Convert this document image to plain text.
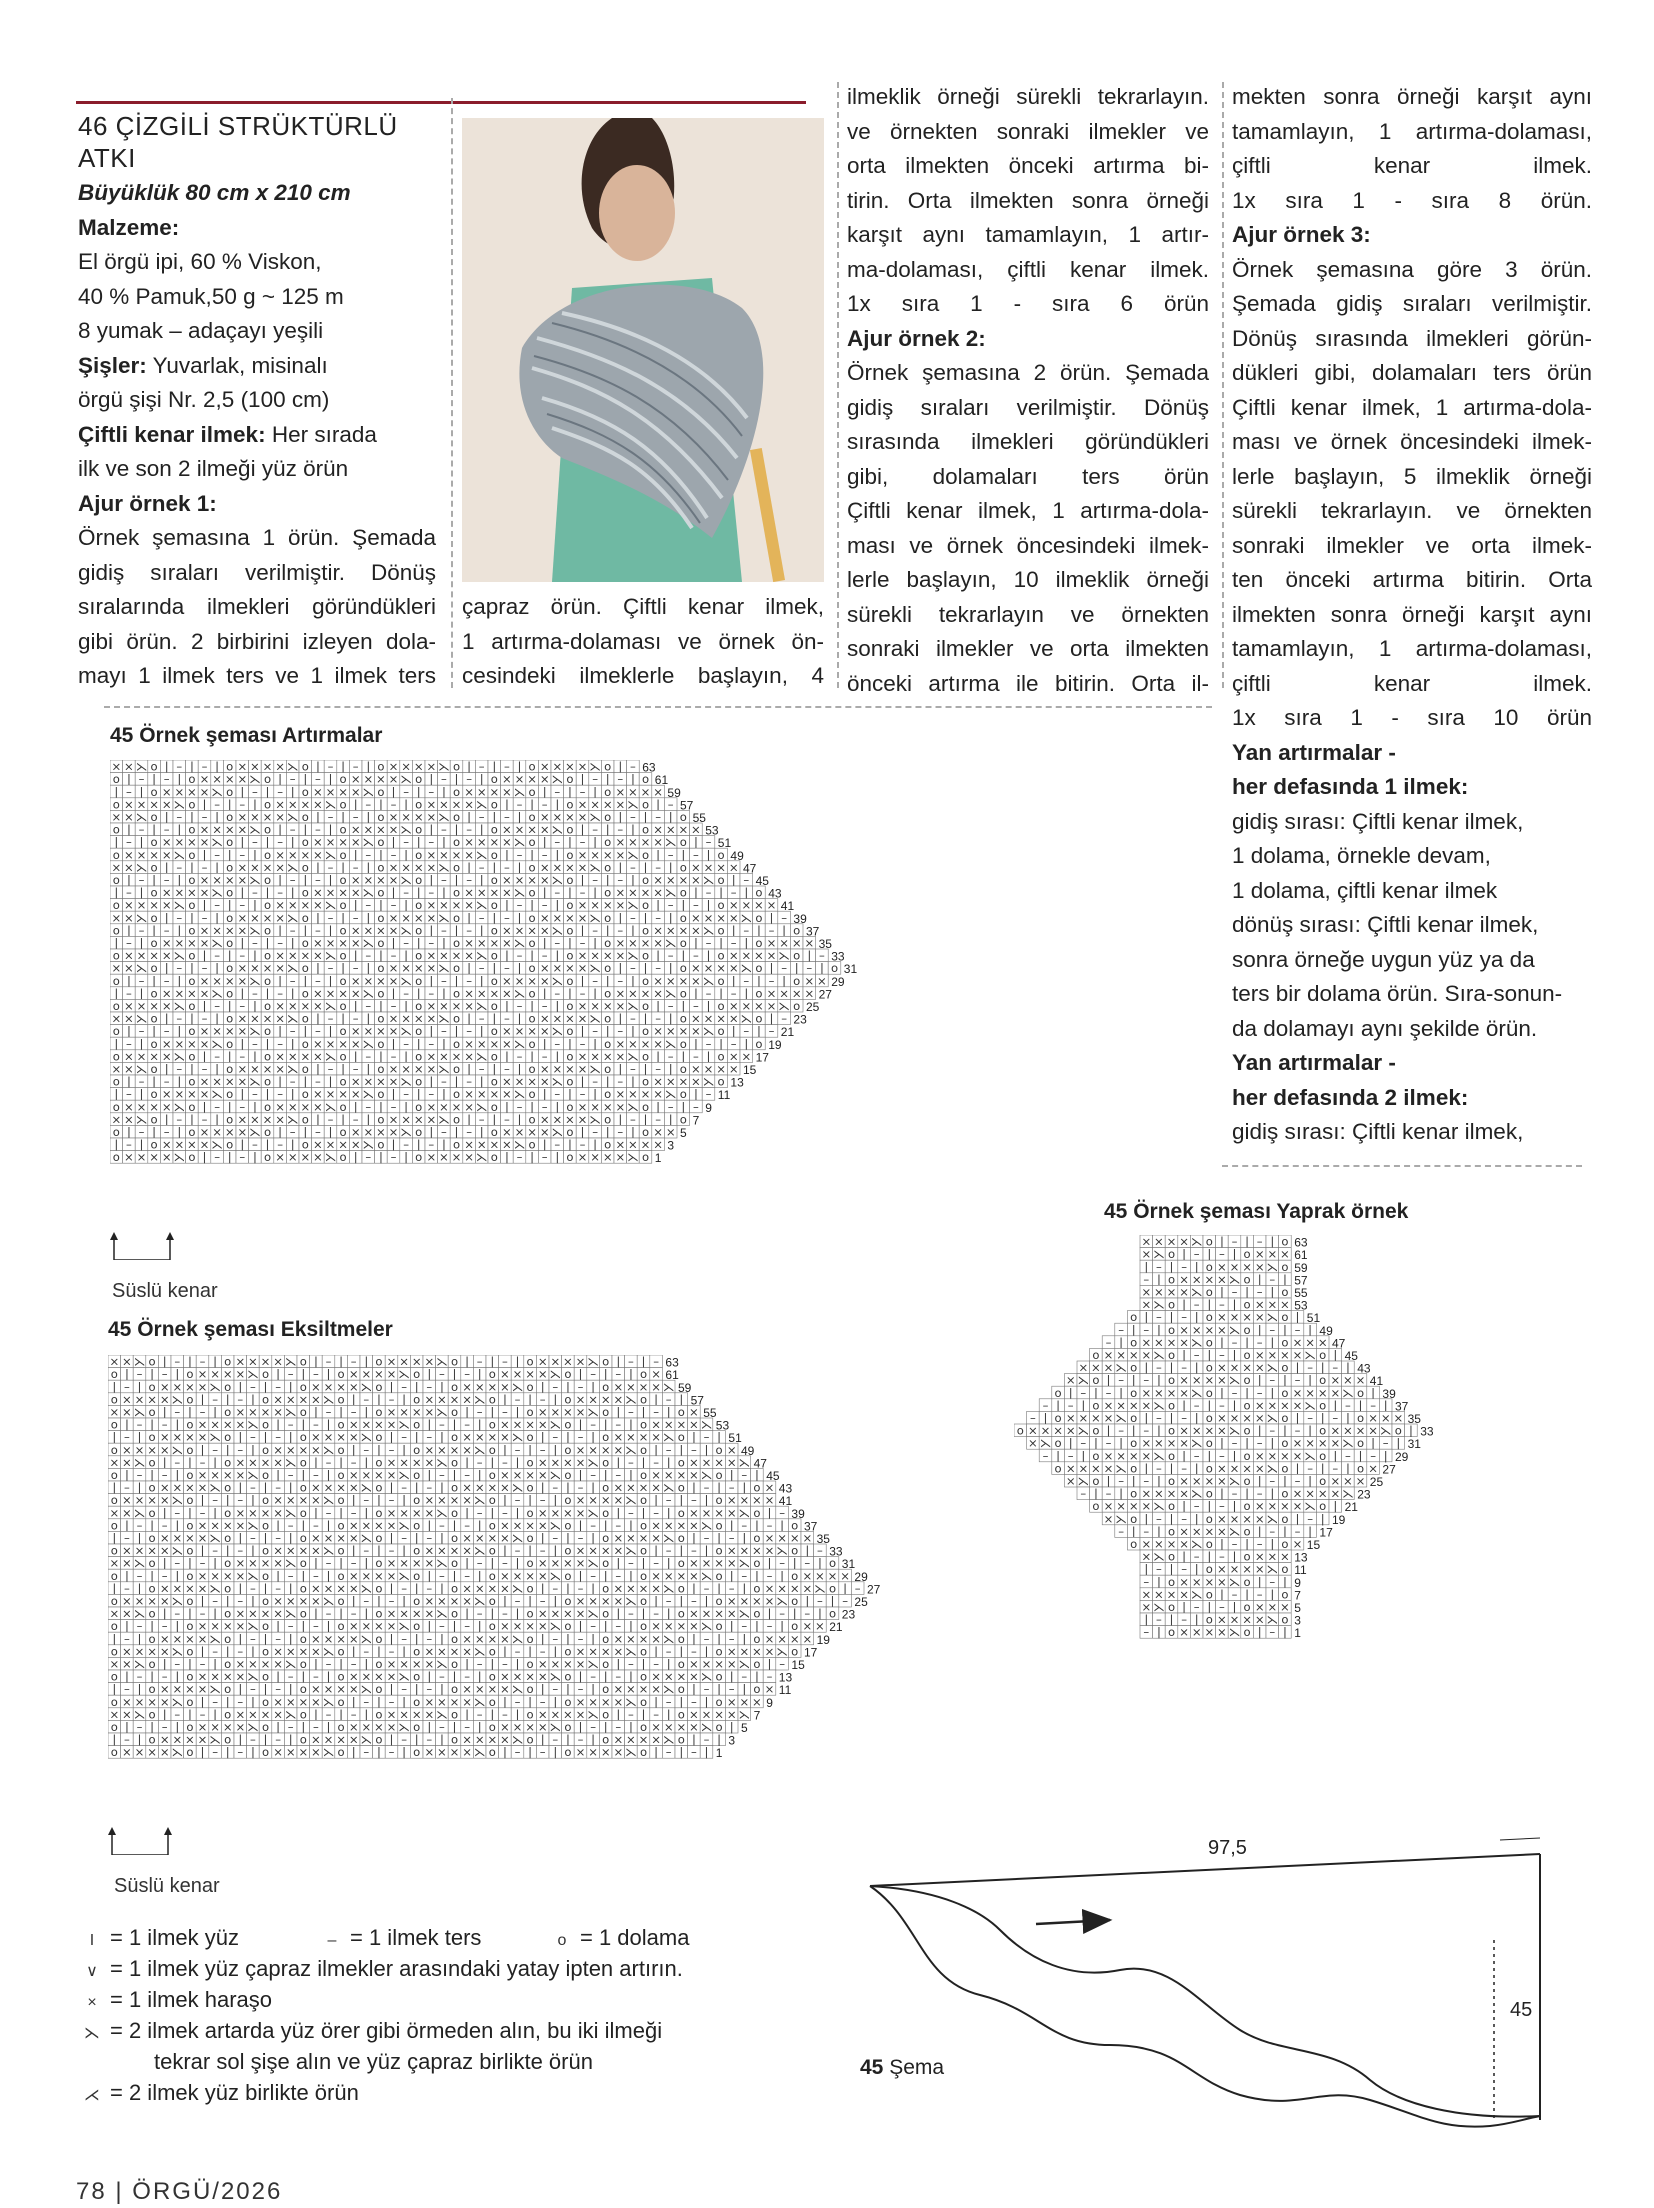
46 ÇİZGİLİ STRÜKTÜRLÜ
ATKI

Büyüklük 80 cm x 210 cm

Malzeme:

El örgü ipi, 60 % Viskon,

40 % Pamuk,50 g ~ 125 m

8 yumak – adaçayı yeşili

Şişler: Yuvarlak, misinalı

örgü şişi Nr. 2,5 (100 cm)

Çiftli kenar ilmek: Her sırada

ilk ve son 2 ilmeği yüz örün

Ajur örnek 1:

Örnek şemasına 1 örün. Şemada

gidiş sıraları verilmiştir. Dönüş

sıralarında ilmekleri göründükleri

gibi örün. 2 birbirini izleyen dola-

mayı 1 ilmek ters ve 1 ilmek ters

çapraz örün. Çiftli kenar ilmek,

1 artırma-dolaması ve örnek ön-

cesindeki ilmeklerle başlayın, 4

ilmeklik örneği sürekli tekrarlayın.

ve örnekten sonraki ilmekler ve

orta ilmekten önceki artırma bi-

tirin. Orta ilmekten sonra örneği

karşıt aynı tamamlayın, 1 artır-

ma-dolaması, çiftli kenar ilmek.

1x sıra 1 - sıra 6 örün

Ajur örnek 2:

Örnek şemasına 2 örün. Şemada

gidiş sıraları verilmiştir. Dönüş

sırasında ilmekleri göründükleri

gibi, dolamaları ters örün

Çiftli kenar ilmek, 1 artırma-dola-

ması ve örnek öncesindeki ilmek-

lerle başlayın, 10 ilmeklik örneği

sürekli tekrarlayın ve örnekten

sonraki ilmekler ve orta ilmekten

önceki artırma ile bitirin. Orta il-

mekten sonra örneği karşıt aynı

tamamlayın, 1 artırma-dolaması,

çiftli kenar ilmek.

1x sıra 1 - sıra 8 örün.

Ajur örnek 3:

Örnek şemasına göre 3 örün.

Şemada gidiş sıraları verilmiştir.

Dönüş sırasında ilmekleri görün-

dükleri gibi, dolamaları ters örün

Çiftli kenar ilmek, 1 artırma-dola-

ması ve örnek öncesindeki ilmek-

lerle başlayın, 5 ilmeklik örneği

sürekli tekrarlayın. ve örnekten

sonraki ilmekler ve orta ilmek-

ten önceki artırma bitirin. Orta

ilmekten sonra örneği karşıt aynı

tamamlayın, 1 artırma-dolaması,

çiftli kenar ilmek.

1x sıra 1 - sıra 10 örün

Yan artırmalar -

her defasında 1 ilmek:

gidiş sırası: Çiftli kenar ilmek,

1 dolama, örnekle devam,

1 dolama, çiftli kenar ilmek

dönüş sırası: Çiftli kenar ilmek,

sonra örneğe uygun yüz ya da

ters bir dolama örün. Sıra-sonun-

da dolamayı aynı şekilde örün.

Yan artırmalar -

her defasında 2 ilmek:

gidiş sırası: Çiftli kenar ilmek,

45 Örnek şeması Artırmalar
45 Örnek şeması Eksiltmeler
45 Örnek şeması Yaprak örnek
× × ⋋ o | – | – | o × × × × ⋋ o | – | – | o × × × × ⋋ o | – | – | o × × × × ⋋ o | – 63
o | – | – | o × × × × ⋋ o | – | – | o × × × × ⋋ o | – | – | o × × × × ⋋ o | – | – | o 61
| – | o × × × × ⋋ o | – | – | o × × × × ⋋ o | – | – | o × × × × ⋋ o | – | – | o × × × × 59
o × × × × ⋋ o | – | – | o × × × × ⋋ o | – | – | o × × × × ⋋ o | – | – | o × × × × ⋋ o | – 57
× × ⋋ o | – | – | o × × × × ⋋ o | – | – | o × × × × ⋋ o | – | – | o × × × × ⋋ o | – | – | o 55
o | – | – | o × × × × ⋋ o | – | – | o × × × × ⋋ o | – | – | o × × × × ⋋ o | – | – | o × × × × 53
| – | o × × × × ⋋ o | – | – | o × × × × ⋋ o | – | – | o × × × × ⋋ o | – | – | o × × × × ⋋ o | – 51
o × × × × ⋋ o | – | – | o × × × × ⋋ o | – | – | o × × × × ⋋ o | – | – | o × × × × ⋋ o | – | – | o 49
× × ⋋ o | – | – | o × × × × ⋋ o | – | – | o × × × × ⋋ o | – | – | o × × × × ⋋ o | – | – | o × × × × 47
o | – | – | o × × × × ⋋ o | – | – | o × × × × ⋋ o | – | – | o × × × × ⋋ o | – | – | o × × × × ⋋ o | – 45
| – | o × × × × ⋋ o | – | – | o × × × × ⋋ o | – | – | o × × × × ⋋ o | – | – | o × × × × ⋋ o | – | – | o 43
o × × × × ⋋ o | – | – | o × × × × ⋋ o | – | – | o × × × × ⋋ o | – | – | o × × × × ⋋ o | – | – | o × × × × 41
× × ⋋ o | – | – | o × × × × ⋋ o | – | – | o × × × × ⋋ o | – | – | o × × × × ⋋ o | – | – | o × × × × ⋋ o | – 39
o | – | – | o × × × × ⋋ o | – | – | o × × × × ⋋ o | – | – | o × × × × ⋋ o | – | – | o × × × × ⋋ o | – | – | o 37
| – | o × × × × ⋋ o | – | – | o × × × × ⋋ o | – | – | o × × × × ⋋ o | – | – | o × × × × ⋋ o | – | – | o × × × × 35
o × × × × ⋋ o | – | – | o × × × × ⋋ o | – | – | o × × × × ⋋ o | – | – | o × × × × ⋋ o | – | – | o × × × × ⋋ o | – 33
× × ⋋ o | – | – | o × × × × ⋋ o | – | – | o × × × × ⋋ o | – | – | o × × × × ⋋ o | – | – | o × × × × ⋋ o | – | – | o 31
o | – | – | o × × × × ⋋ o | – | – | o × × × × ⋋ o | – | – | o × × × × ⋋ o | – | – | o × × × × ⋋ o | – | – | o × × 29
| – | o × × × × ⋋ o | – | – | o × × × × ⋋ o | – | – | o × × × × ⋋ o | – | – | o × × × × ⋋ o | – | – | o × × × × 27
o × × × × ⋋ o | – | – | o × × × × ⋋ o | – | – | o × × × × ⋋ o | – | – | o × × × × ⋋ o | – | – | o × × × × ⋋ o 25
× × ⋋ o | – | – | o × × × × ⋋ o | – | – | o × × × × ⋋ o | – | – | o × × × × ⋋ o | – | – | o × × × × ⋋ o | – 23
o | – | – | o × × × × ⋋ o | – | – | o × × × × ⋋ o | – | – | o × × × × ⋋ o | – | – | o × × × × ⋋ o | – | – 21
| – | o × × × × ⋋ o | – | – | o × × × × ⋋ o | – | – | o × × × × ⋋ o | – | – | o × × × × ⋋ o | – | – | o 19
o × × × × ⋋ o | – | – | o × × × × ⋋ o | – | – | o × × × × ⋋ o | – | – | o × × × × ⋋ o | – | – | o × × 17
× × ⋋ o | – | – | o × × × × ⋋ o | – | – | o × × × × ⋋ o | – | – | o × × × × ⋋ o | – | – | o × × × × 15
o | – | – | o × × × × ⋋ o | – | – | o × × × × ⋋ o | – | – | o × × × × ⋋ o | – | – | o × × × × ⋋ o 13
| – | o × × × × ⋋ o | – | – | o × × × × ⋋ o | – | – | o × × × × ⋋ o | – | – | o × × × × ⋋ o | – 11
o × × × × ⋋ o | – | – | o × × × × ⋋ o | – | – | o × × × × ⋋ o | – | – | o × × × × ⋋ o | – | – 9
× × ⋋ o | – | – | o × × × × ⋋ o | – | – | o × × × × ⋋ o | – | – | o × × × × ⋋ o | – | – | o 7
o | – | – | o × × × × ⋋ o | – | – | o × × × × ⋋ o | – | – | o × × × × ⋋ o | – | – | o × × 5
| – | o × × × × ⋋ o | – | – | o × × × × ⋋ o | – | – | o × × × × ⋋ o | – | – | o × × × × 3
o × × × × ⋋ o | – | – | o × × × × ⋋ o | – | – | o × × × × ⋋ o | – | – | o × × × × ⋋ o 1
× × ⋋ o | – | – | o × × × × ⋋ o | – | – | o × × × × ⋋ o | – | – | o × × × × ⋋ o | – | – 63
o | – | – | o × × × × ⋋ o | – | – | o × × × × ⋋ o | – | – | o × × × × ⋋ o | – | – | o × 61
| – | o × × × × ⋋ o | – | – | o × × × × ⋋ o | – | – | o × × × × ⋋ o | – | – | o × × × × ⋋ 59
o × × × × ⋋ o | – | – | o × × × × ⋋ o | – | – | o × × × × ⋋ o | – | – | o × × × × ⋋ o | – | 57
× × ⋋ o | – | – | o × × × × ⋋ o | – | – | o × × × × ⋋ o | – | – | o × × × × ⋋ o | – | – | o × 55
o | – | – | o × × × × ⋋ o | – | – | o × × × × ⋋ o | – | – | o × × × × ⋋ o | – | – | o × × × × ⋋ 53
| – | o × × × × ⋋ o | – | – | o × × × × ⋋ o | – | – | o × × × × ⋋ o | – | – | o × × × × ⋋ o | – | 51
o × × × × ⋋ o | – | – | o × × × × ⋋ o | – | – | o × × × × ⋋ o | – | – | o × × × × ⋋ o | – | – | o × 49
× × ⋋ o | – | – | o × × × × ⋋ o | – | – | o × × × × ⋋ o | – | – | o × × × × ⋋ o | – | – | o × × × × ⋋ 47
o | – | – | o × × × × ⋋ o | – | – | o × × × × ⋋ o | – | – | o × × × × ⋋ o | – | – | o × × × × ⋋ o | – | 45
| – | o × × × × ⋋ o | – | – | o × × × × ⋋ o | – | – | o × × × × ⋋ o | – | – | o × × × × ⋋ o | – | – | o × 43
o × × × × ⋋ o | – | – | o × × × × ⋋ o | – | – | o × × × × ⋋ o | – | – | o × × × × ⋋ o | – | – | o × × × × 41
× × ⋋ o | – | – | o × × × × ⋋ o | – | – | o × × × × ⋋ o | – | – | o × × × × ⋋ o | – | – | o × × × × ⋋ o | – 39
o | – | – | o × × × × ⋋ o | – | – | o × × × × ⋋ o | – | – | o × × × × ⋋ o | – | – | o × × × × ⋋ o | – | – | o 37
| – | o × × × × ⋋ o | – | – | o × × × × ⋋ o | – | – | o × × × × ⋋ o | – | – | o × × × × ⋋ o | – | – | o × × × × 35
o × × × × ⋋ o | – | – | o × × × × ⋋ o | – | – | o × × × × ⋋ o | – | – | o × × × × ⋋ o | – | – | o × × × × ⋋ o | – 33
× × ⋋ o | – | – | o × × × × ⋋ o | – | – | o × × × × ⋋ o | – | – | o × × × × ⋋ o | – | – | o × × × × ⋋ o | – | – | o 31
o | – | – | o × × × × ⋋ o | – | – | o × × × × ⋋ o | – | – | o × × × × ⋋ o | – | – | o × × × × ⋋ o | – | – | o × × × × 29
| – | o × × × × ⋋ o | – | – | o × × × × ⋋ o | – | – | o × × × × ⋋ o | – | – | o × × × × ⋋ o | – | – | o × × × × ⋋ o | – 27
o × × × × ⋋ o | – | – | o × × × × ⋋ o | – | – | o × × × × ⋋ o | – | – | o × × × × ⋋ o | – | – | o × × × × ⋋ o | – | – 25
× × ⋋ o | – | – | o × × × × ⋋ o | – | – | o × × × × ⋋ o | – | – | o × × × × ⋋ o | – | – | o × × × × ⋋ o | – | – | o 23
o | – | – | o × × × × ⋋ o | – | – | o × × × × ⋋ o | – | – | o × × × × ⋋ o | – | – | o × × × × ⋋ o | – | – | o × × 21
| – | o × × × × ⋋ o | – | – | o × × × × ⋋ o | – | – | o × × × × ⋋ o | – | – | o × × × × ⋋ o | – | – | o × × × × 19
o × × × × ⋋ o | – | – | o × × × × ⋋ o | – | – | o × × × × ⋋ o | – | – | o × × × × ⋋ o | – | – | o × × × × ⋋ o 17
× × ⋋ o | – | – | o × × × × ⋋ o | – | – | o × × × × ⋋ o | – | – | o × × × × ⋋ o | – | – | o × × × × ⋋ o | – 15
o | – | – | o × × × × ⋋ o | – | – | o × × × × ⋋ o | – | – | o × × × × ⋋ o | – | – | o × × × × ⋋ o | – | – 13
| – | o × × × × ⋋ o | – | – | o × × × × ⋋ o | – | – | o × × × × ⋋ o | – | – | o × × × × ⋋ o | – | – | o × 11
o × × × × ⋋ o | – | – | o × × × × ⋋ o | – | – | o × × × × ⋋ o | – | – | o × × × × ⋋ o | – | – | o × × × 9
× × ⋋ o | – | – | o × × × × ⋋ o | – | – | o × × × × ⋋ o | – | – | o × × × × ⋋ o | – | – | o × × × × ⋋ 7
o | – | – | o × × × × ⋋ o | – | – | o × × × × ⋋ o | – | – | o × × × × ⋋ o | – | – | o × × × × ⋋ o | 5
| – | o × × × × ⋋ o | – | – | o × × × × ⋋ o | – | – | o × × × × ⋋ o | – | – | o × × × × ⋋ o | – | 3
o × × × × ⋋ o | – | – | o × × × × ⋋ o | – | – | o × × × × ⋋ o | – | – | o × × × × ⋋ o | – | – | 1
× × × × ⋋ o | – | – | o 63
× ⋋ o | – | – | o × × × 61
| – | – | o × × × × ⋋ o 59
– | o × × × × ⋋ o | – | 57
× × × × ⋋ o | – | – | o 55
× ⋋ o | – | – | o × × × 53
o | – | – | o × × × × ⋋ o | 51
– | – | o × × × × ⋋ o | – | – | 49
– | o × × × × ⋋ o | – | – | o × × × 47
o × × × × ⋋ o | – | – | o × × × × ⋋ o | 45
× × × ⋋ o | – | – | o × × × × ⋋ o | – | – | 43
× ⋋ o | – | – | o × × × × ⋋ o | – | – | o × × × 41
o | – | – | o × × × × ⋋ o | – | – | o × × × × ⋋ o | 39
– | – | o × × × × ⋋ o | – | – | o × × × × ⋋ o | – | – | 37
– | o × × × × ⋋ o | – | – | o × × × × ⋋ o | – | – | o × × × 35
o × × × × ⋋ o | – | – | o × × × × ⋋ o | – | – | o × × × × ⋋ o | 33
× ⋋ o | – | – | o × × × × ⋋ o | – | – | o × × × × ⋋ o | – | 31
– | – | o × × × × ⋋ o | – | – | o × × × × ⋋ o | – | – | 29
o × × × × ⋋ o | – | – | o × × × × ⋋ o | – | – | o × 27
× ⋋ o | – | – | o × × × × ⋋ o | – | – | o × × × 25
– | – | o × × × × ⋋ o | – | – | o × × × × ⋋ 23
o × × × × ⋋ o | – | – | o × × × × ⋋ o | 21
× ⋋ o | – | – | o × × × × ⋋ o | – | 19
– | – | o × × × × ⋋ o | – | – | 17
o × × × × ⋋ o | – | – | o × 15
× ⋋ o | – | – | o × × × 13
| – | – | o × × × × ⋋ o 11
– | o × × × × ⋋ o | – | 9
× × × × ⋋ o | – | – | o 7
× ⋋ o | – | – | o × × × 5
| – | – | o × × × × ⋋ o 3
– | o × × × × ⋋ o | – | 1
Süslü kenar
Süslü kenar
I = 1 ilmek yüz	– = 1 ilmek ters	o = 1 dolama
∨ = 1 ilmek yüz çapraz ilmekler arasındaki yatay ipten artırın.
× = 1 ilmek haraşo
⋋ = 2 ilmek artarda yüz örer gibi örmeden alın, bu iki ilmeği
tekrar sol şişe alın ve yüz çapraz birlikte örün
⋌ = 2 ilmek yüz birlikte örün
97,5
45
45 Şema
78 | ÖRGÜ/2026
